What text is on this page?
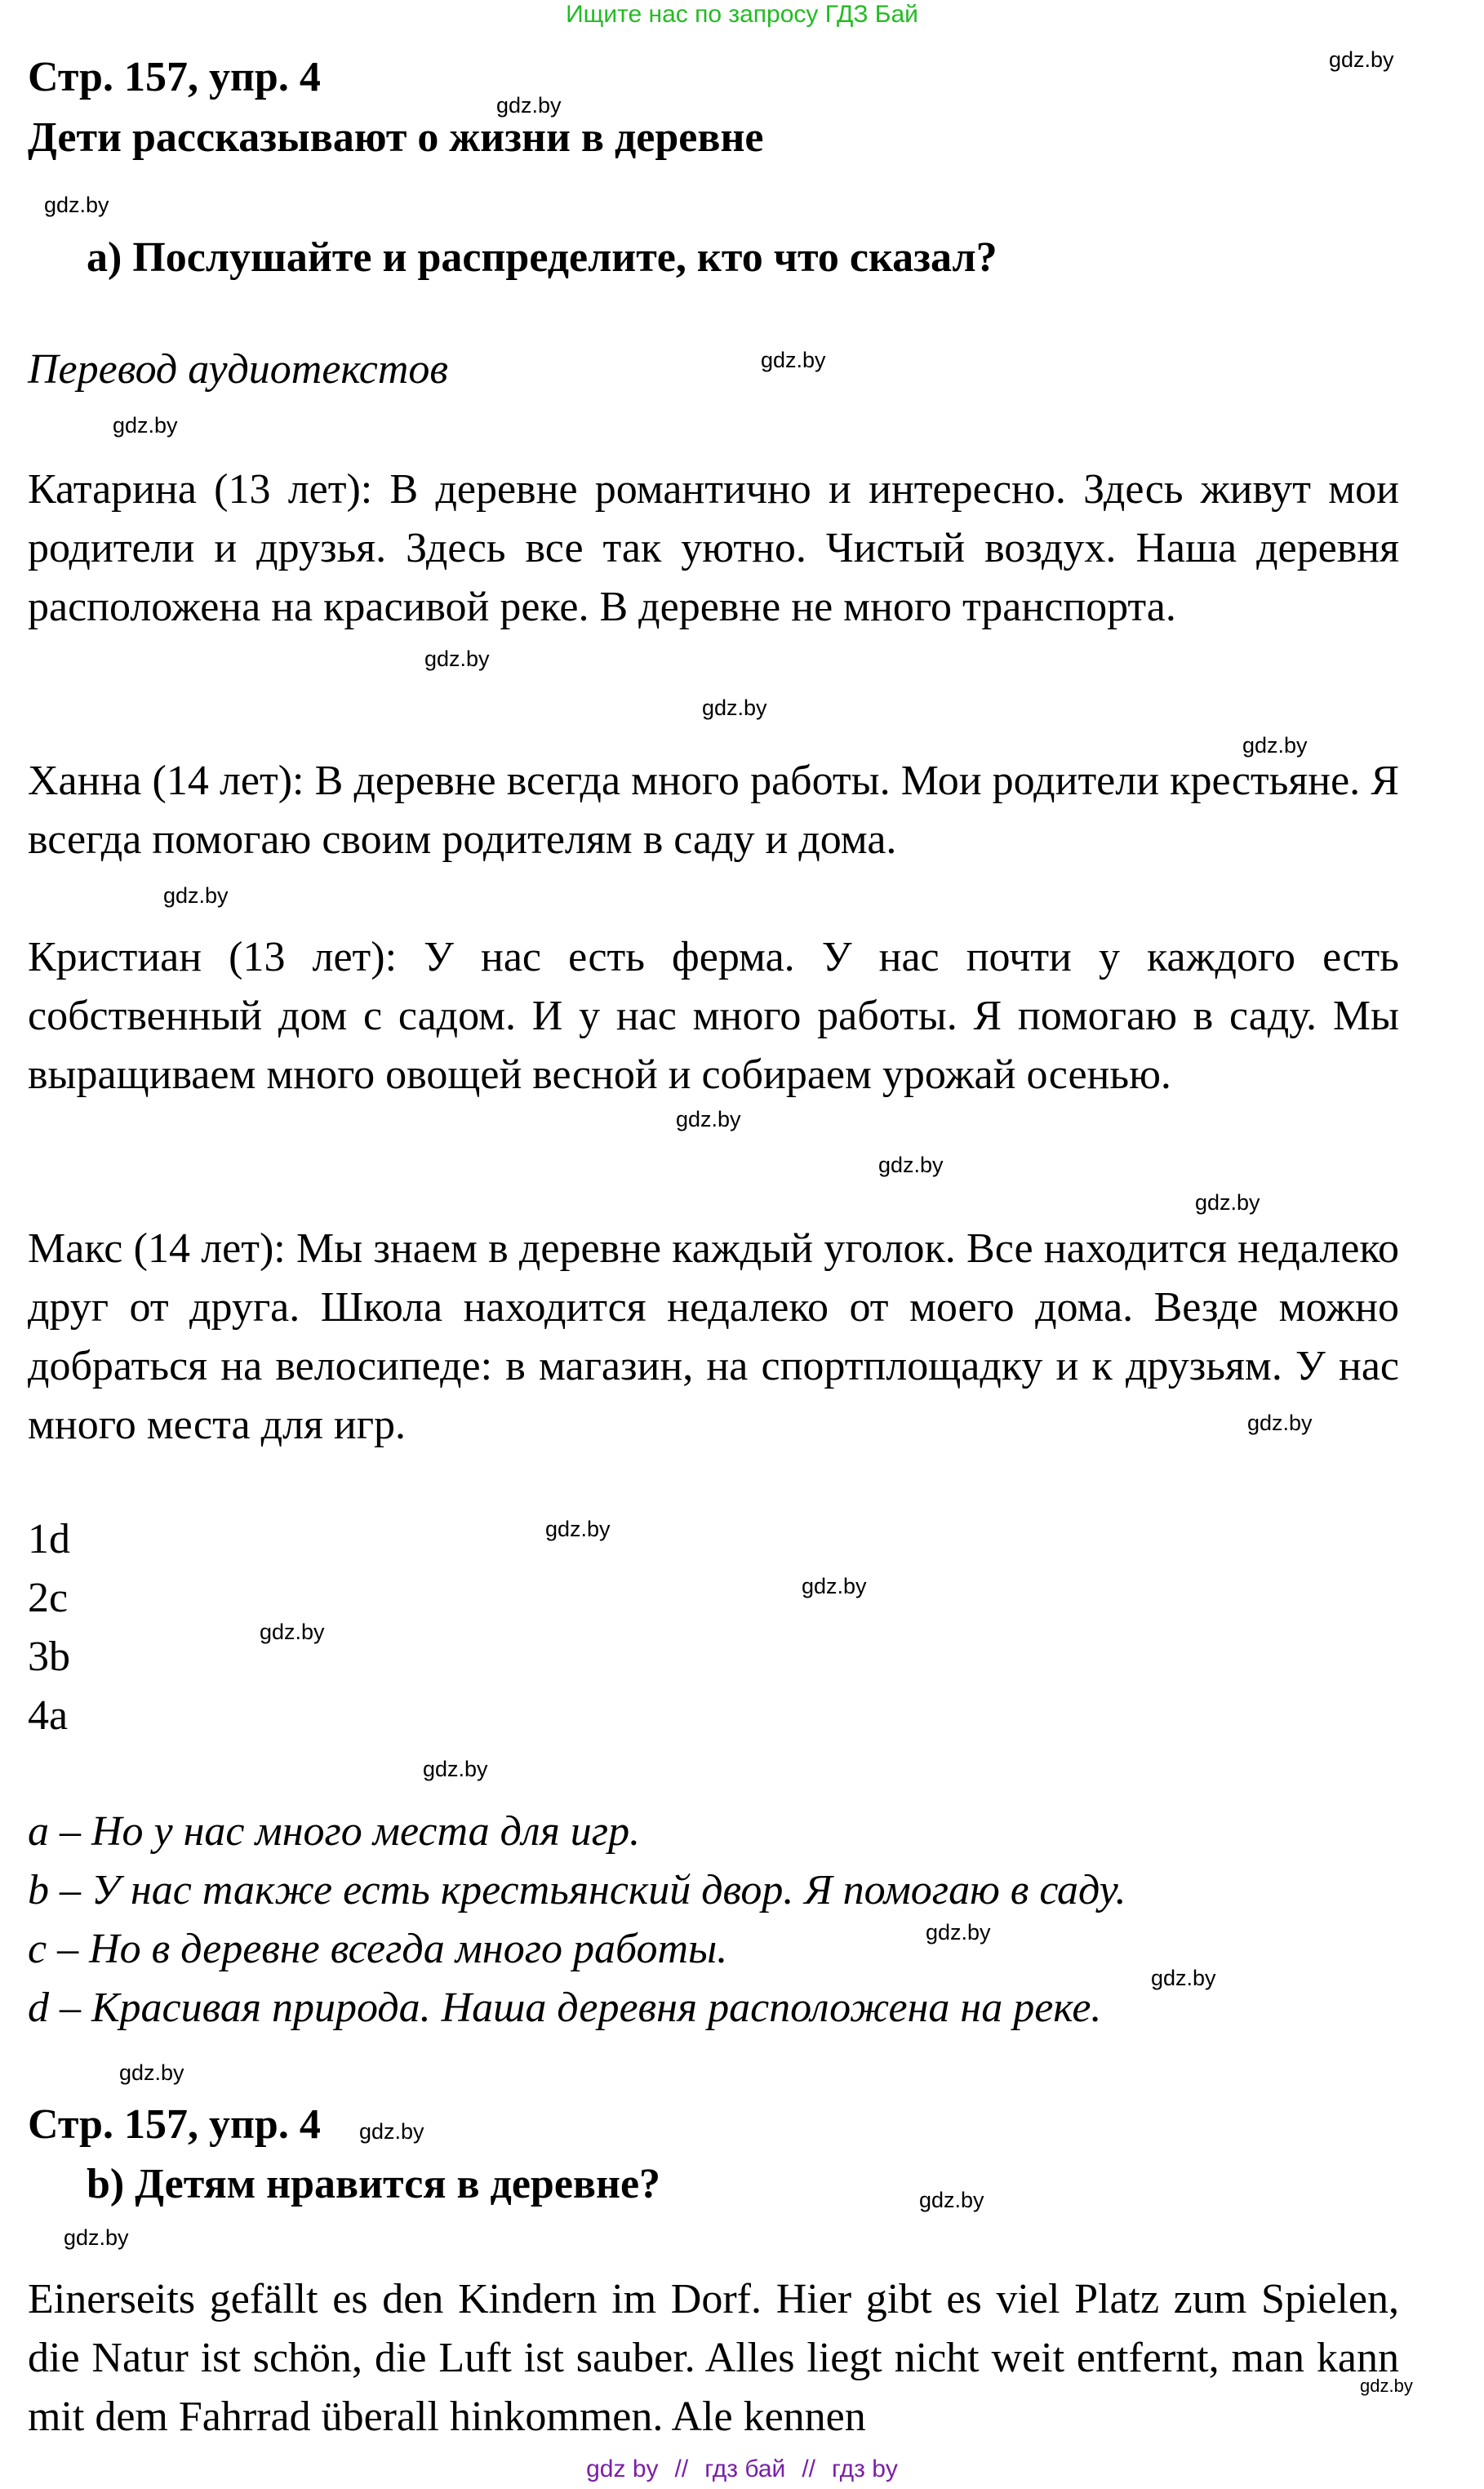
Ищите нас по запросу ГДЗ Бай
Стр. 157, упр. 4
Дети рассказывают о жизни в деревне
а) Послушайте и распределите, кто что сказал?
Перевод аудиотекстов
Катарина (13 лет): В деревне романтично и интересно. Здесь живут мои родители и друзья. Здесь все так уютно. Чистый воздух. Наша деревня расположена на красивой реке. В деревне не много транспорта.
Ханна (14 лет): В деревне всегда много работы. Мои родители крестьяне. Я всегда помогаю своим родителям в саду и дома.
Кристиан (13 лет): У нас есть ферма. У нас почти у каждого есть собственный дом с садом. И у нас много работы. Я помогаю в саду. Мы выращиваем много овощей весной и собираем урожай осенью.
Макс (14 лет): Мы знаем в деревне каждый уголок. Все находится недалеко друг от друга. Школа находится недалеко от моего дома. Везде можно добраться на велосипеде: в магазин, на спортплощадку и к друзьям. У нас много места для игр.
1d
2c
3b
4a
a – Но у нас много места для игр.
b – У нас также есть крестьянский двор. Я помогаю в саду.
c – Но в деревне всегда много работы.
d – Красивая природа. Наша деревня расположена на реке.
Стр. 157, упр. 4
b) Детям нравится в деревне?
Einerseits gefällt es den Kindern im Dorf. Hier gibt es viel Platz zum Spielen, die Natur ist schön, die Luft ist sauber. Alles liegt nicht weit entfernt, man kann mit dem Fahrrad überall hinkommen. Ale kennen
gdz.by
gdz.by
gdz.by
gdz.by
gdz.by
gdz.by
gdz.by
gdz.by
gdz.by
gdz.by
gdz.by
gdz.by
gdz.by
gdz.by
gdz.by
gdz.by
gdz.by
gdz.by
gdz.by
gdz.by
gdz.by
gdz.by
gdz.by
gdz.by
gdz by // гдз бай // гдз by
